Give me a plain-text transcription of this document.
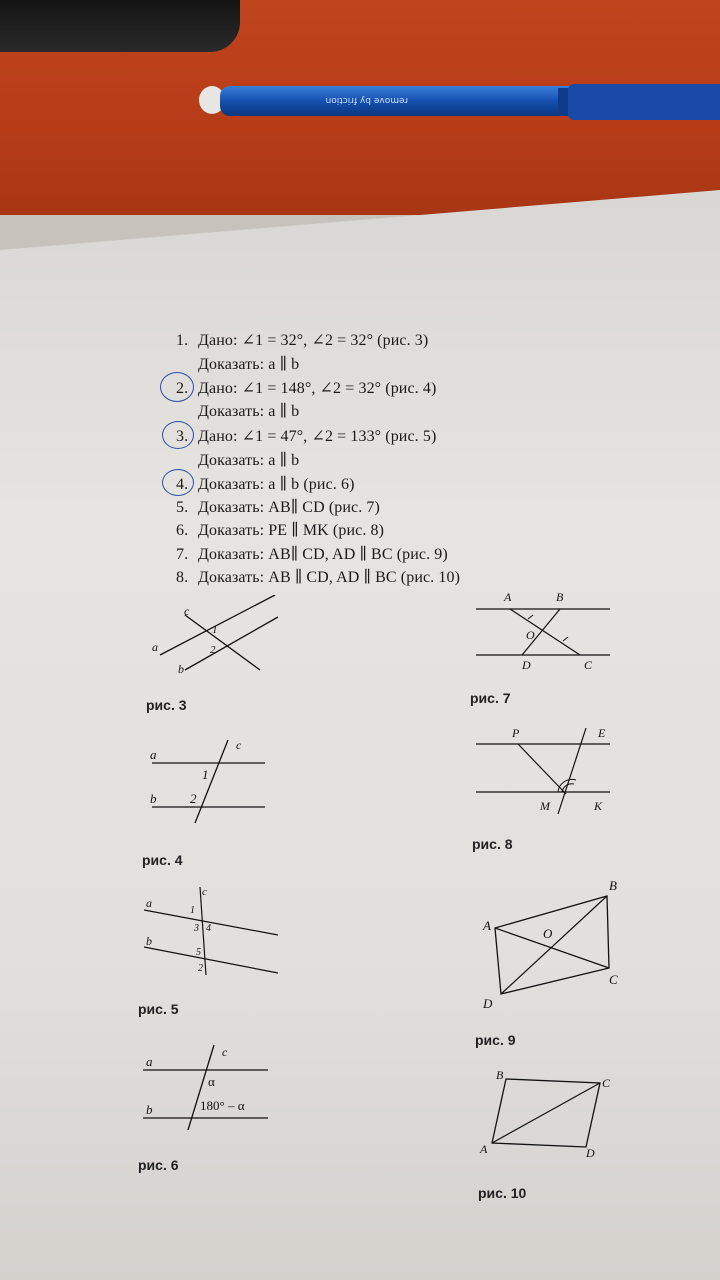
remove by friction
1. Дано: ∠1 = 32°, ∠2 = 32° (рис. 3)
Доказать: a ∥ b
2. Дано: ∠1 = 148°, ∠2 = 32° (рис. 4)
Доказать: a ∥ b
3. Дано: ∠1 = 47°, ∠2 = 133° (рис. 5)
Доказать: a ∥ b
4. Доказать: a ∥ b (рис. 6)
5. Доказать: AB∥ CD (рис. 7)
6. Доказать: PE ∥ MK (рис. 8)
7. Доказать: AB∥ CD, AD ∥ BC (рис. 9)
8. Доказать: AB ∥ CD, AD ∥ BC (рис. 10)
c
a
b
1
2
рис. 3
c
a
b
1
2
рис. 4
c
a
b
1
3 4
5
2
рис. 5
c
a
b
α
180° – α
рис. 6
A	B
O
D	C
рис. 7
P	E
M	K
рис. 8
A
B
O
C
D
рис. 9
B
C
A	D
рис. 10
